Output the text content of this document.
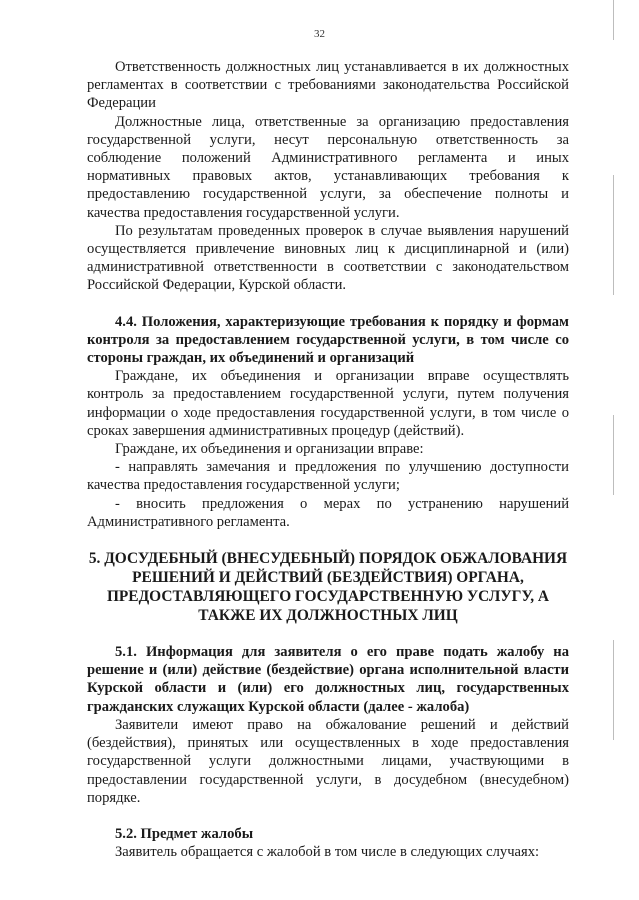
32

Ответственность должностных лиц устанавливается в их должностных регламентах в соответствии с требованиями законодательства Российской Федерации

Должностные лица, ответственные за организацию предоставления государственной услуги, несут персональную ответственность за соблюдение положений Административного регламента и иных нормативных правовых актов, устанавливающих требования к предоставлению государственной услуги, за обеспечение полноты и качества предоставления государственной услуги.

По результатам проведенных проверок в случае выявления нарушений осуществляется привлечение виновных лиц к дисциплинарной и (или) административной ответственности в соответствии с законодательством Российской Федерации, Курской области.

4.4. Положения, характеризующие требования к порядку и формам контроля за предоставлением государственной услуги, в том числе со стороны граждан, их объединений и организаций

Граждане, их объединения и организации вправе осуществлять контроль за предоставлением государственной услуги, путем получения информации о ходе предоставления государственной услуги, в том числе о сроках завершения административных процедур (действий).

Граждане, их объединения и организации вправе:

- направлять замечания и предложения по улучшению доступности качества предоставления государственной услуги;

- вносить предложения о мерах по устранению нарушений Административного регламента.

5. ДОСУДЕБНЫЙ (ВНЕСУДЕБНЫЙ) ПОРЯДОК ОБЖАЛОВАНИЯ РЕШЕНИЙ И ДЕЙСТВИЙ (БЕЗДЕЙСТВИЯ) ОРГАНА, ПРЕДОСТАВЛЯЮЩЕГО ГОСУДАРСТВЕННУЮ УСЛУГУ, А ТАКЖЕ ИХ ДОЛЖНОСТНЫХ ЛИЦ

5.1. Информация для заявителя о его праве подать жалобу на решение и (или) действие (бездействие) органа исполнительной власти Курской области и (или) его должностных лиц, государственных гражданских служащих Курской области (далее - жалоба)

Заявители имеют право на обжалование решений и действий (бездействия), принятых или осуществленных в ходе предоставления государственной услуги должностными лицами, участвующими в предоставлении государственной услуги, в досудебном (внесудебном) порядке.

5.2. Предмет жалобы

Заявитель обращается с жалобой в том числе в следующих случаях:
